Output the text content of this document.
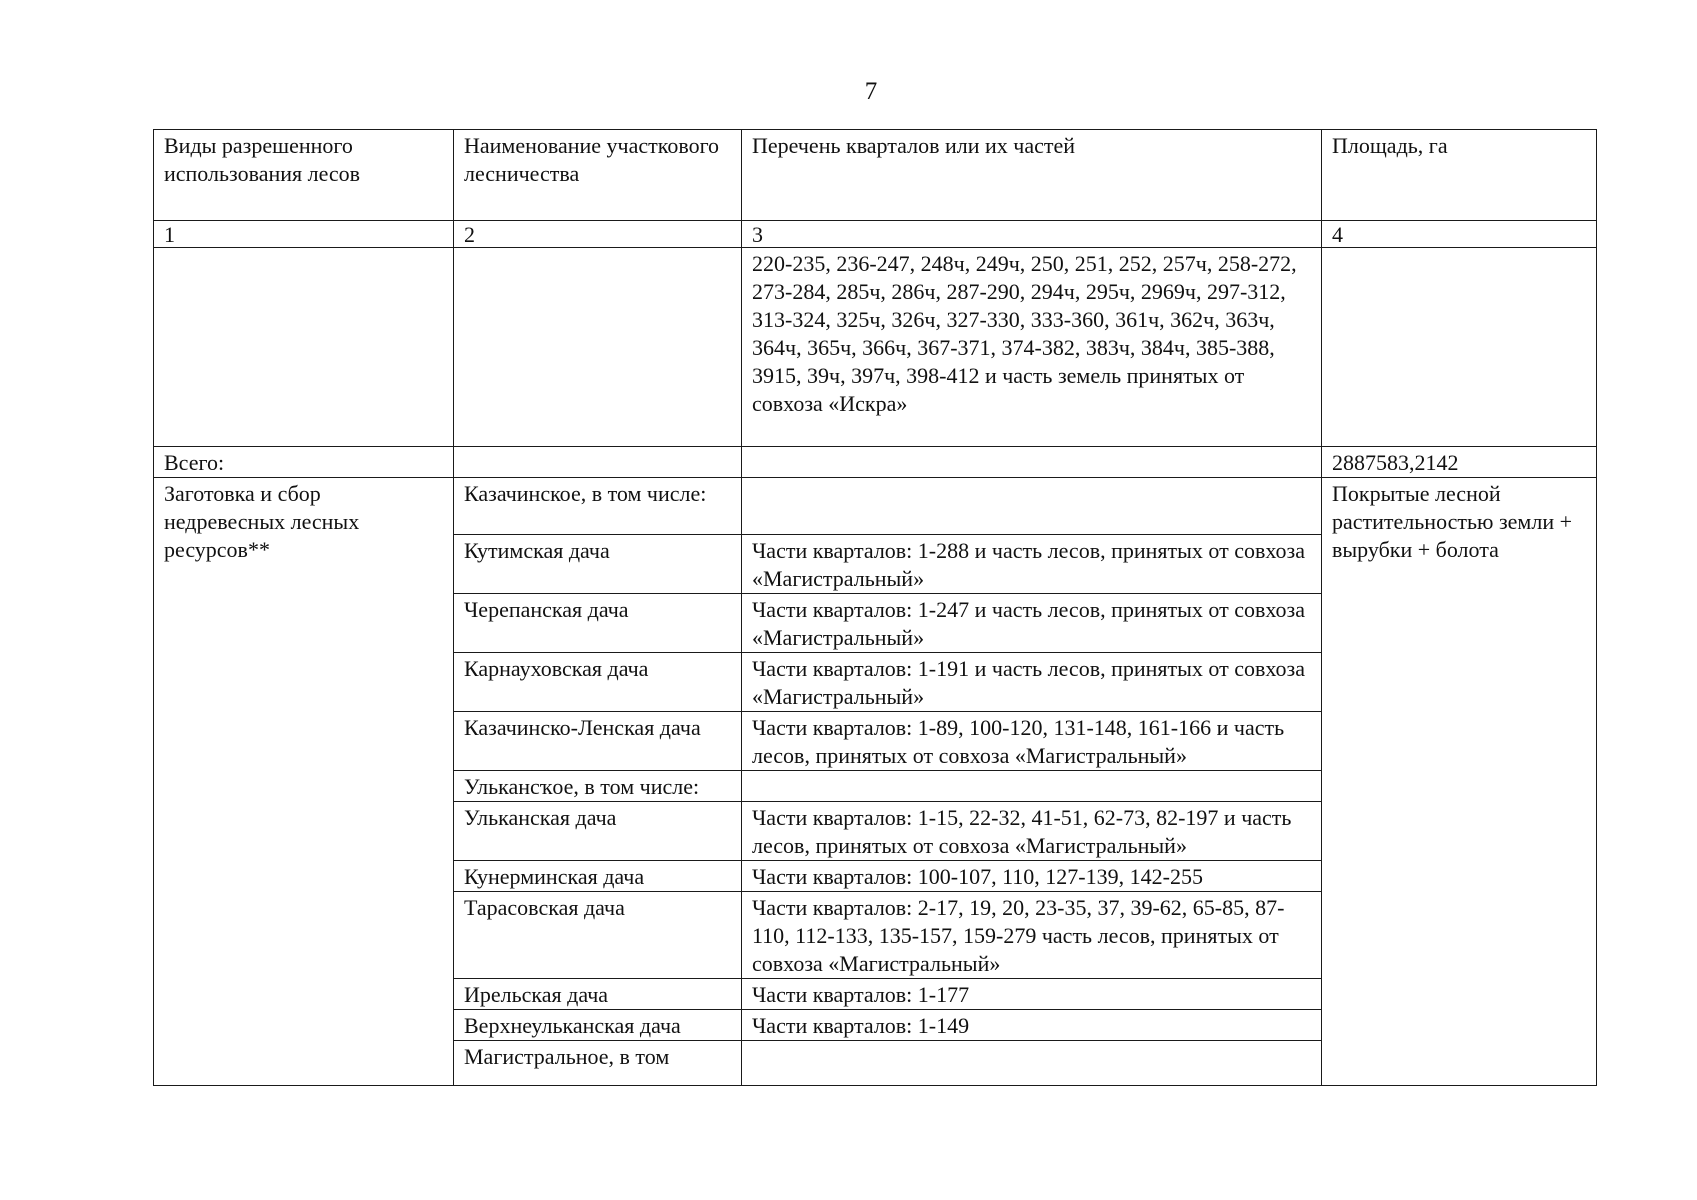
7
Виды разрешенного использования лесов	Наименование участкового лесничества	Перечень кварталов или их частей	Площадь, га
1	2	3	4
		220-235, 236-247, 248ч, 249ч, 250, 251, 252, 257ч, 258-272, 273-284, 285ч, 286ч, 287-290, 294ч, 295ч, 2969ч, 297-312, 313-324, 325ч, 326ч, 327-330, 333-360, 361ч, 362ч, 363ч, 364ч, 365ч, 366ч, 367-371, 374-382, 383ч, 384ч, 385-388, 3915, 39ч, 397ч, 398-412 и часть земель принятых от совхоза «Искра»	
Всего:			2887583,2142
Заготовка и сбор недревесных лесных ресурсов**	Казачинское, в том числе:		Покрытые лесной растительностью земли + вырубки + болота
	Кутимская дача	Части кварталов: 1-288 и часть лесов, принятых от совхоза «Магистральный»	
	Черепанская дача	Части кварталов: 1-247 и часть лесов, принятых от совхоза «Магистральный»	
	Карнауховская дача	Части кварталов: 1-191 и часть лесов, принятых от совхоза «Магистральный»	
	Казачинско-Ленская дача	Части кварталов: 1-89, 100-120, 131-148, 161-166 и часть лесов, принятых от совхоза «Магистральный»	
	Улькансҡое, в том числе:		
	Ульканская дача	Части кварталов: 1-15, 22-32, 41-51, 62-73, 82-197 и часть лесов, принятых от совхоза «Магистральный»	
	Кунерминская дача	Части кварталов: 100-107, 110, 127-139, 142-255	
	Тарасовская дача	Части кварталов: 2-17, 19, 20, 23-35, 37, 39-62, 65-85, 87-110, 112-133, 135-157, 159-279 часть лесов, принятых от совхоза «Магистральный»	
	Ирельская дача	Части кварталов: 1-177	
	Верхнеульканская дача	Части кварталов: 1-149	
	Магистральное, в том		
